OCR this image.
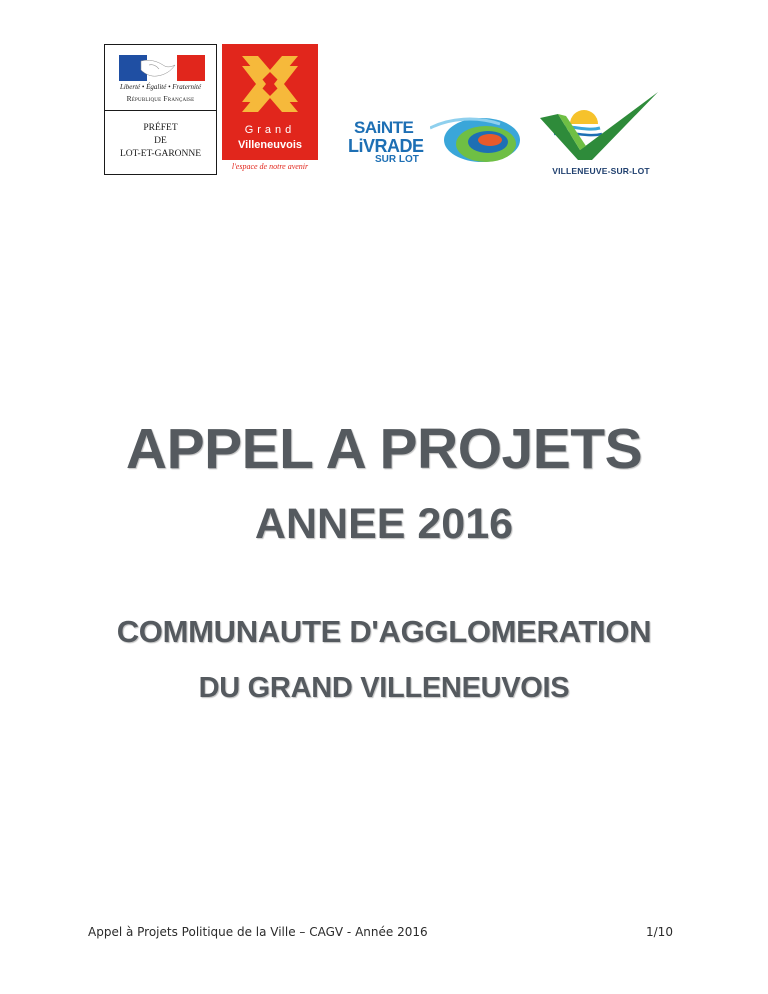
Liberté • Égalité • Fraternité
République Française
PRÉFET
DE
LOT-ET-GARONNE
Grand
Villeneuvois
l'espace de notre avenir
SAiNTE
LiVRADE
SUR LOT
VILLENEUVE-SUR-LOT
APPEL A PROJETS
ANNEE 2016
COMMUNAUTE D'AGGLOMERATION
DU GRAND VILLENEUVOIS
Appel à Projets Politique de la Ville – CAGV - Année 2016	1/10
